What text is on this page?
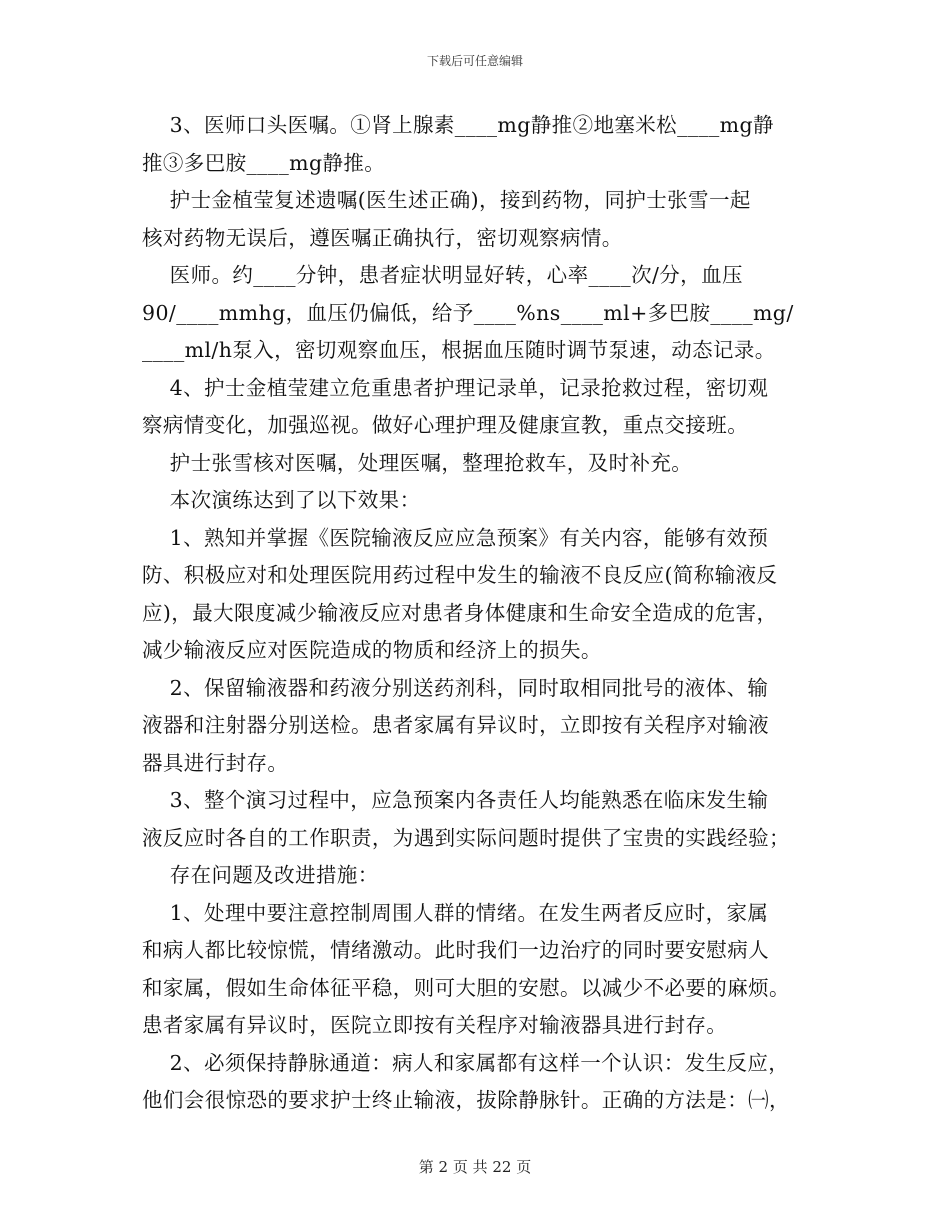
下载后可任意编辑
3、医师口头医嘱。①肾上腺素____mg静推②地塞米松____mg静
推③多巴胺____mg静推。
护士金植莹复述遗嘱(医生述正确)，接到药物，同护士张雪一起
核对药物无误后，遵医嘱正确执行，密切观察病情。
医师。约____分钟，患者症状明显好转，心率____次/分，血压
90/____mmhg，血压仍偏低，给予____%ns____ml+多巴胺____mg/
____ml/h泵入，密切观察血压，根据血压随时调节泵速，动态记录。
4、护士金植莹建立危重患者护理记录单，记录抢救过程，密切观
察病情变化，加强巡视。做好心理护理及健康宣教，重点交接班。
护士张雪核对医嘱，处理医嘱，整理抢救车，及时补充。
本次演练达到了以下效果：
1、熟知并掌握《医院输液反应应急预案》有关内容，能够有效预
防、积极应对和处理医院用药过程中发生的输液不良反应(简称输液反
应)，最大限度减少输液反应对患者身体健康和生命安全造成的危害，
减少输液反应对医院造成的物质和经济上的损失。
2、保留输液器和药液分别送药剂科，同时取相同批号的液体、输
液器和注射器分别送检。患者家属有异议时，立即按有关程序对输液
器具进行封存。
3、整个演习过程中，应急预案内各责任人均能熟悉在临床发生输
液反应时各自的工作职责，为遇到实际问题时提供了宝贵的实践经验；
存在问题及改进措施：
1、处理中要注意控制周围人群的情绪。在发生两者反应时，家属
和病人都比较惊慌，情绪激动。此时我们一边治疗的同时要安慰病人
和家属，假如生命体征平稳，则可大胆的安慰。以减少不必要的麻烦。
患者家属有异议时，医院立即按有关程序对输液器具进行封存。
2、必须保持静脉通道：病人和家属都有这样一个认识：发生反应，
他们会很惊恐的要求护士终止输液，拔除静脉针。正确的方法是：㈠，
第 2 页 共 22 页
